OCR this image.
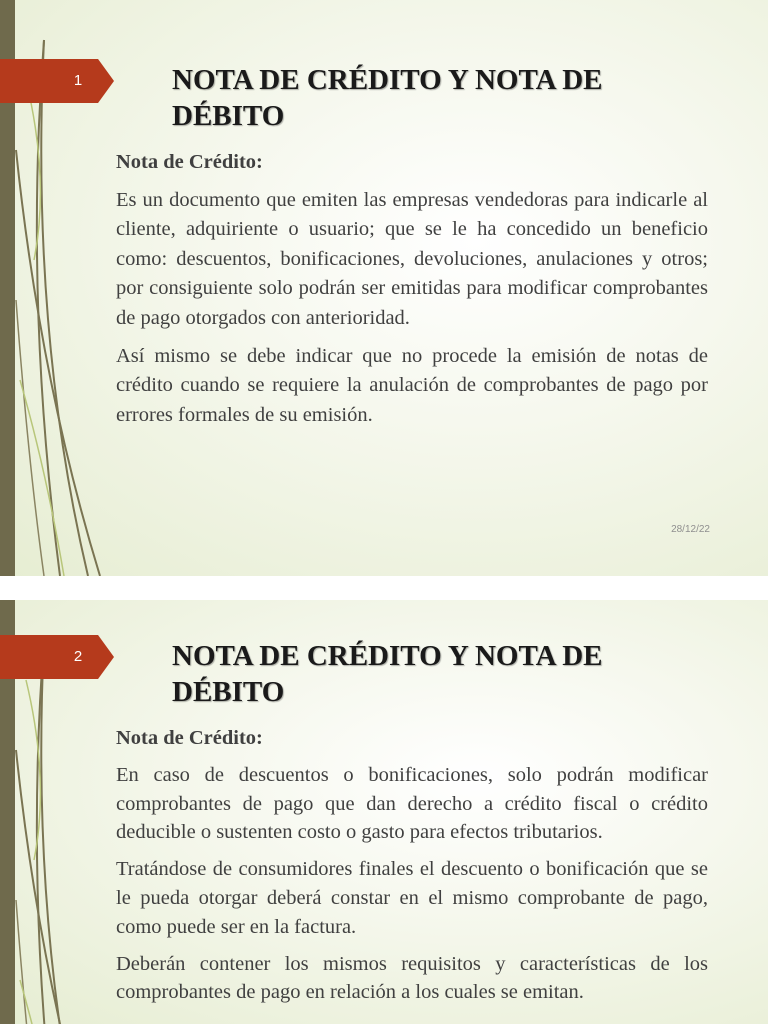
1	NOTA DE CRÉDITO Y NOTA DE DÉBITO

Nota de Crédito:

Es un documento que emiten las empresas vendedoras para indicarle al cliente, adquiriente o usuario; que se le ha concedido un beneficio como: descuentos, bonificaciones, devoluciones, anulaciones y otros; por consiguiente solo podrán ser emitidas para modificar comprobantes de pago otorgados con anterioridad.

Así mismo se debe indicar que no procede la emisión de notas de crédito cuando se requiere la anulación de comprobantes de pago por errores formales de su emisión.

28/12/22
2	NOTA DE CRÉDITO Y NOTA DE DÉBITO

Nota de Crédito:

En caso de descuentos o bonificaciones, solo podrán modificar comprobantes de pago que dan derecho a crédito fiscal o crédito deducible o sustenten costo o gasto para efectos tributarios.

Tratándose de consumidores finales el descuento o bonificación que se le pueda otorgar deberá constar en el mismo comprobante de pago, como puede ser en la factura.

Deberán contener los mismos requisitos y características de los comprobantes de pago en relación a los cuales se emitan.
